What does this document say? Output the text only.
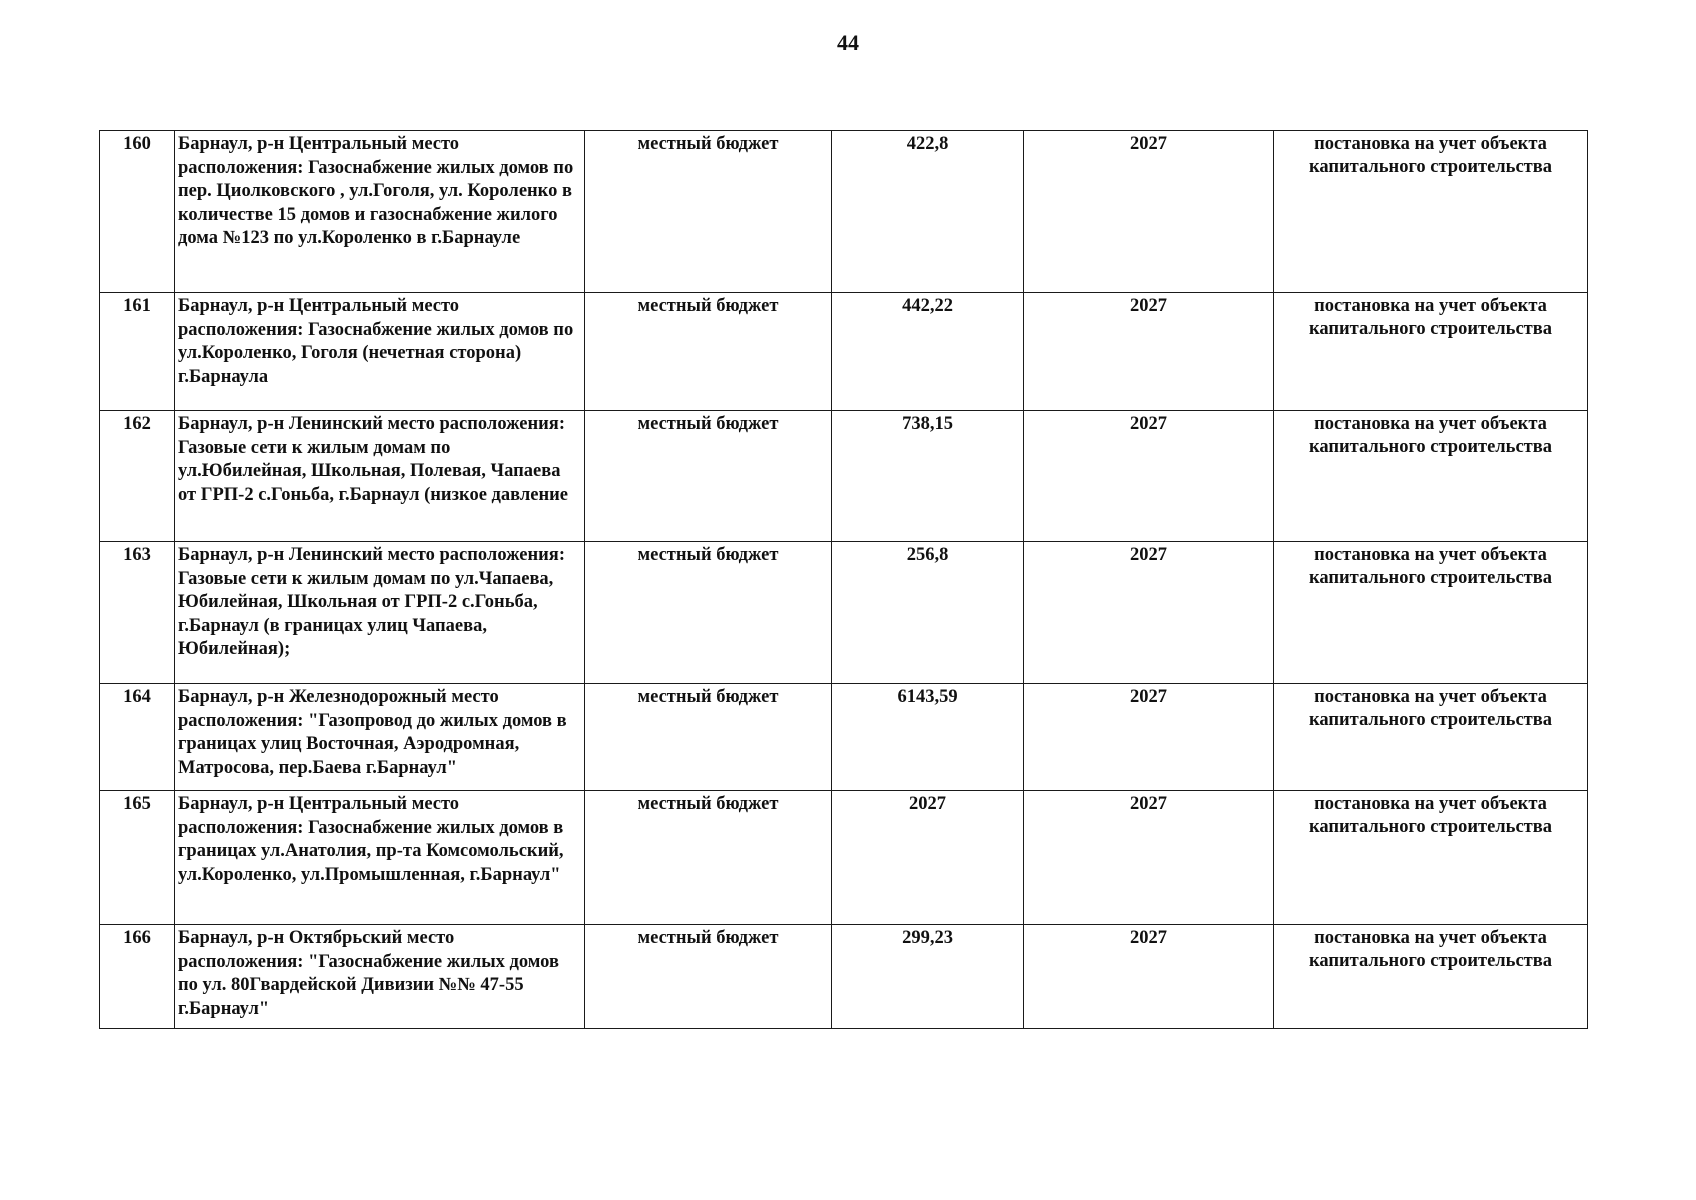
44
160	Барнаул, р-н Центральный место расположения: Газоснабжение жилых домов по пер. Циолковского , ул.Гоголя, ул. Короленко в количестве 15 домов и газоснабжение жилого дома №123 по ул.Короленко в г.Барнауле	местный бюджет	422,8	2027	постановка на учет объекта капитального строительства
161	Барнаул, р-н Центральный место расположения: Газоснабжение жилых домов по ул.Короленко, Гоголя (нечетная сторона) г.Барнаула	местный бюджет	442,22	2027	постановка на учет объекта капитального строительства
162	Барнаул, р-н Ленинский место расположения: Газовые сети к жилым домам по ул.Юбилейная, Школьная, Полевая, Чапаева от ГРП-2 с.Гоньба, г.Барнаул (низкое давление	местный бюджет	738,15	2027	постановка на учет объекта капитального строительства
163	Барнаул, р-н Ленинский место расположения: Газовые сети к жилым домам по ул.Чапаева, Юбилейная, Школьная от ГРП-2 с.Гоньба, г.Барнаул (в границах улиц Чапаева, Юбилейная);	местный бюджет	256,8	2027	постановка на учет объекта капитального строительства
164	Барнаул, р-н Железнодорожный место расположения: "Газопровод до жилых домов в границах улиц Восточная, Аэродромная, Матросова, пер.Баева г.Барнаул"	местный бюджет	6143,59	2027	постановка на учет объекта капитального строительства
165	Барнаул, р-н Центральный место расположения: Газоснабжение жилых домов в границах ул.Анатолия, пр-та Комсомольский, ул.Короленко, ул.Промышленная, г.Барнаул"	местный бюджет	2027	2027	постановка на учет объекта капитального строительства
166	Барнаул, р-н Октябрьский место расположения: "Газоснабжение жилых домов по ул. 80Гвардейской Дивизии №№ 47-55 г.Барнаул"	местный бюджет	299,23	2027	постановка на учет объекта капитального строительства
